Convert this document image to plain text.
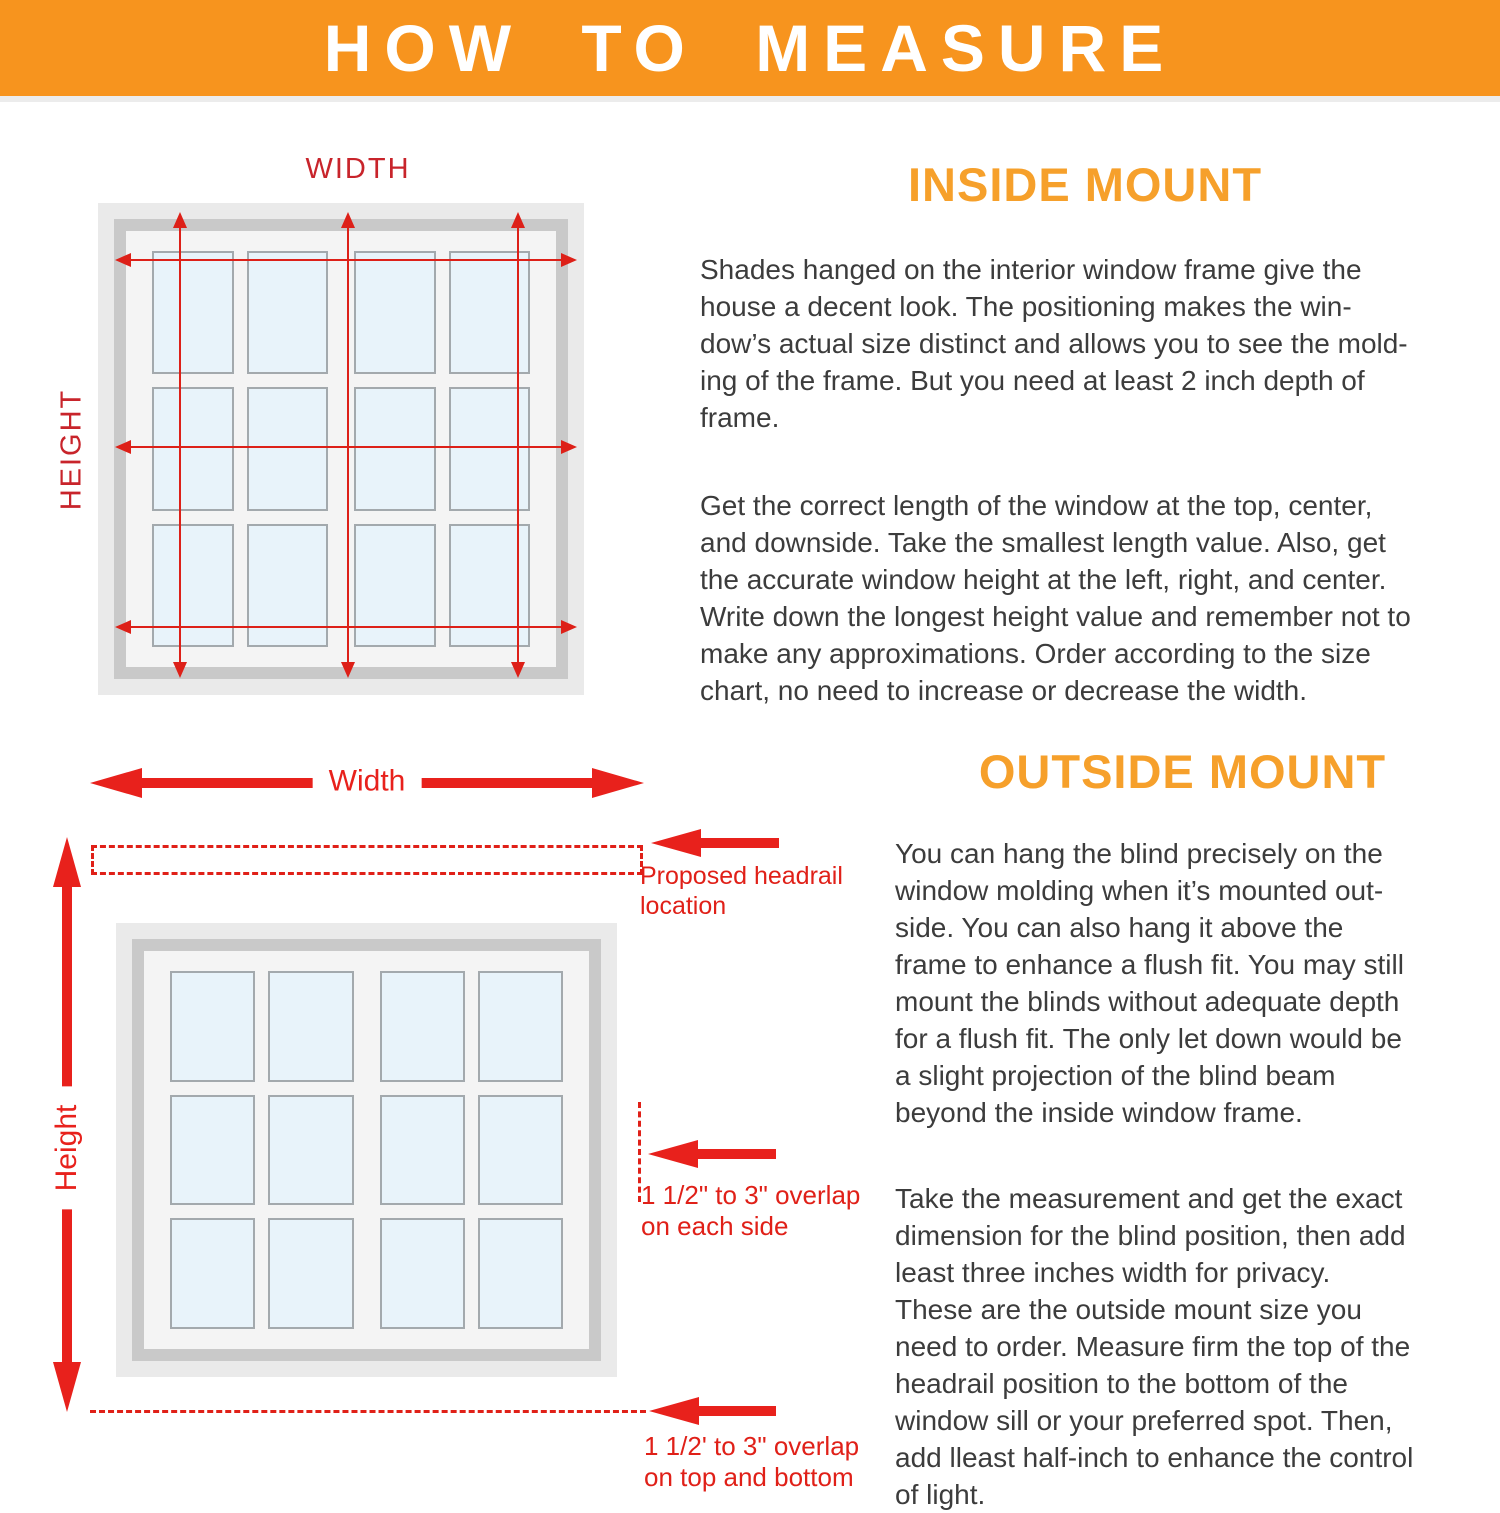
HOW TO MEASURE
WIDTH
HEIGHT
INSIDE MOUNT
Shades hanged on the interior window frame give the
house a decent look. The positioning makes the win-
dow’s actual size distinct and allows you to see the mold-
ing of the frame. But you need at least 2 inch depth of
frame.
Get the correct length of the window at the top, center,
and downside. Take the smallest length value. Also, get
the accurate window height at the left, right, and center.
Write down the longest height value and remember not to
make any approximations. Order according to the size
chart, no need to increase or decrease the width.
Width
Proposed headrail
location
Height
1 1/2" to 3" overlap
on each side
1 1/2' to 3" overlap
on top and bottom
OUTSIDE MOUNT
You can hang the blind precisely on the
window molding when it’s mounted out-
side. You can also hang it above the
frame to enhance a flush fit. You may still
mount the blinds without adequate depth
for a flush fit. The only let down would be
a slight projection of the blind beam
beyond the inside window frame.
Take the measurement and get the exact
dimension for the blind position, then add
least three inches width for privacy.
These are the outside mount size you
need to order. Measure firm the top of the
headrail position to the bottom of the
window sill or your preferred spot. Then,
add lleast half-inch to enhance the control
of light.
